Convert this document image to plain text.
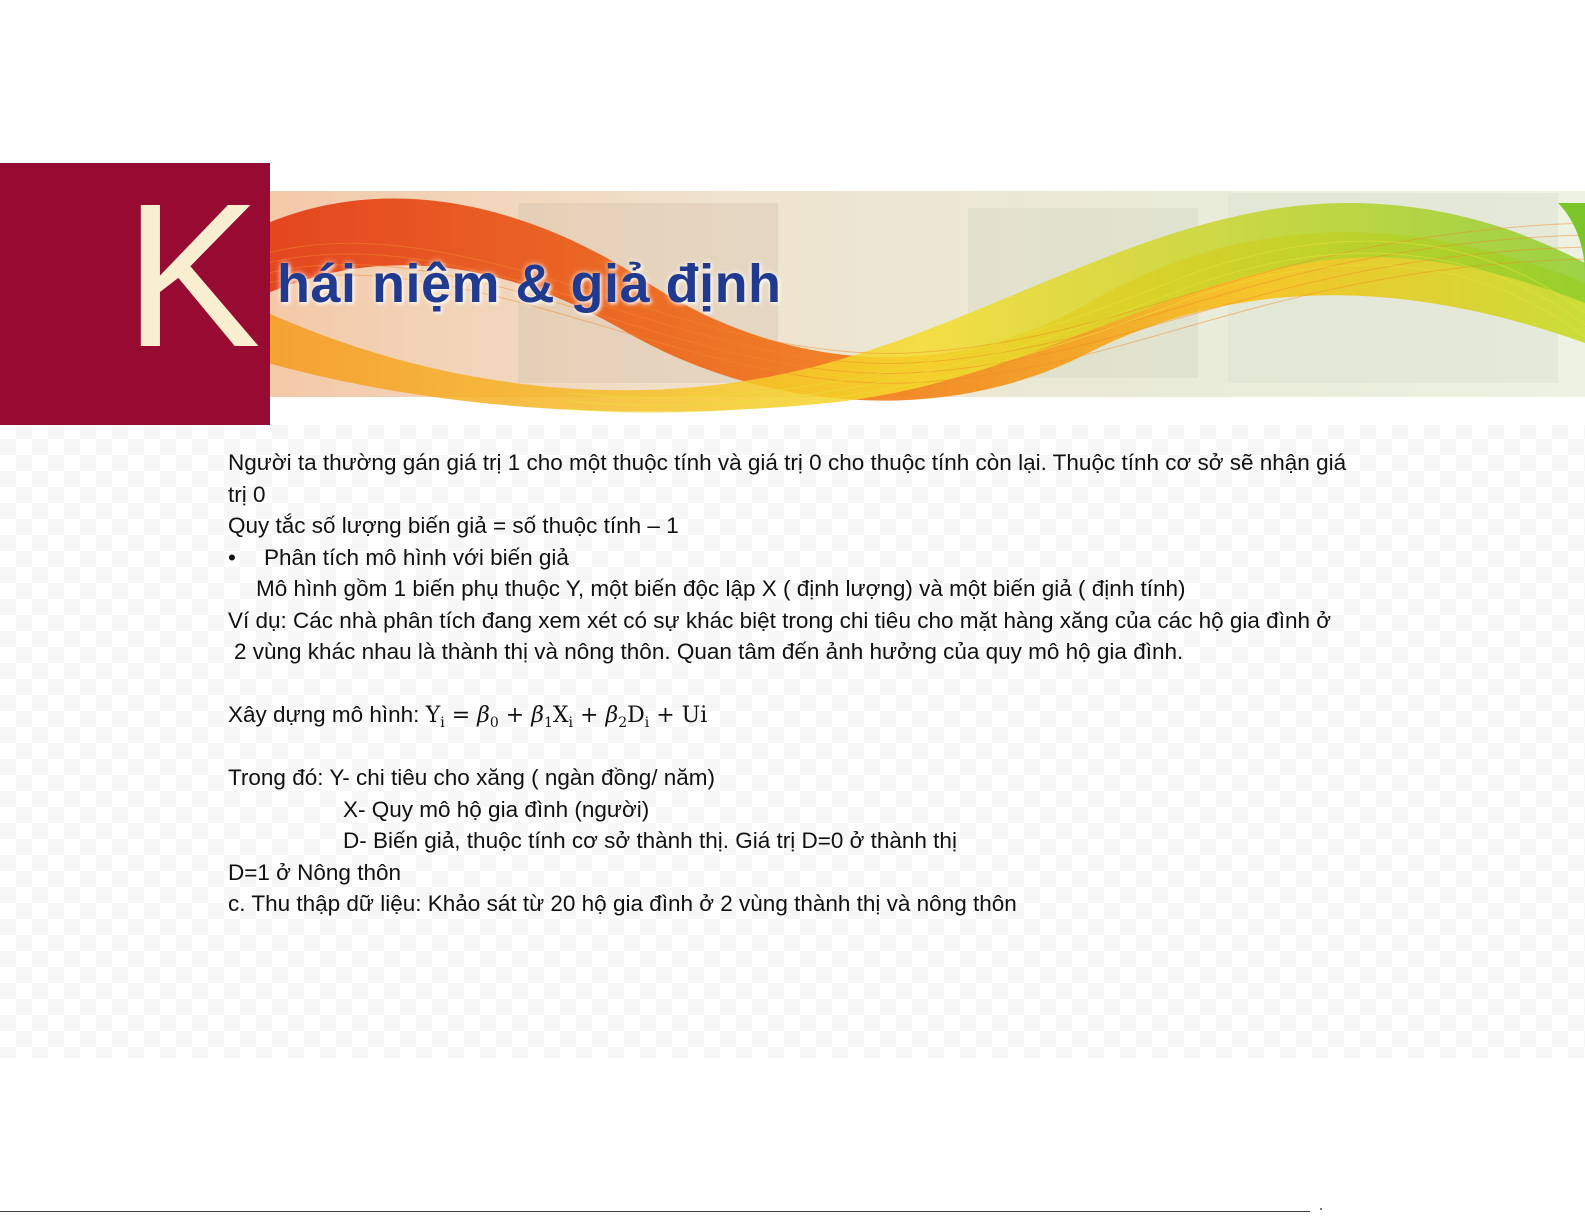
K hái niệm & giả định
Người ta thường gán giá trị 1 cho một thuộc tính và giá trị 0 cho thuộc tính còn lại. Thuộc tính cơ sở sẽ nhận giá
trị 0
Quy tắc số lượng biến giả = số thuộc tính – 1
• Phân tích mô hình với biến giả
Mô hình gồm 1 biến phụ thuộc Y, một biến độc lập X ( định lượng) và một biến giả ( định tính)
Ví dụ: Các nhà phân tích đang xem xét có sự khác biệt trong chi tiêu cho mặt hàng xăng của các hộ gia đình ở
2 vùng khác nhau là thành thị và nông thôn. Quan tâm đến ảnh hưởng của quy mô hộ gia đình.
Xây dựng mô hình: $Y_i = \beta_0 + \beta_1X_i + \beta_2D_i + Ui$
Trong đó: Y- chi tiêu cho xăng ( ngàn đồng/ năm)
X- Quy mô hộ gia đình (người)
D- Biến giả, thuộc tính cơ sở thành thị. Giá trị D=0 ở thành thị
D=1 ở Nông thôn
c. Thu thập dữ liệu: Khảo sát từ 20 hộ gia đình ở 2 vùng thành thị và nông thôn
